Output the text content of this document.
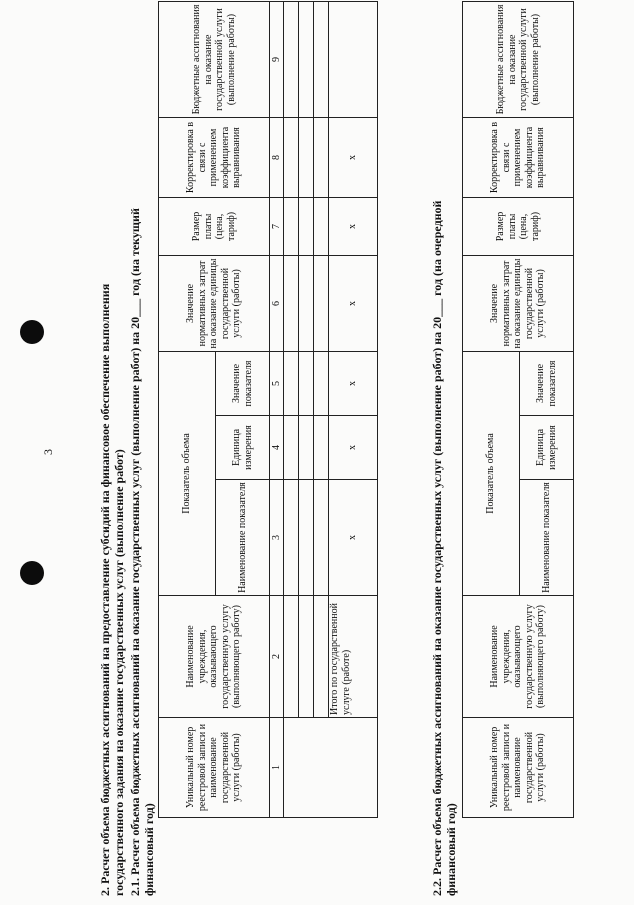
3	2. Расчет объема бюджетных ассигнований на предоставление субсидий на финансовое обеспечение выполнения государственного задания на оказание государственных услуг (выполнение работ) 2.1. Расчет объема бюджетных ассигнований на оказание государственных услуг (выполнение работ) на 20___ год (на текущий финансовый год)
Уникальный номер реестровой записи и наименование государственной услуги (работы)	Наименование учреждения, оказывающего государственную услугу (выполняющего работу)	Показатель объема			Значение нормативных затрат на оказание единицы государственной услуги (работы)	Размер платы (цена, тариф)	Корректировка в связи с применением коэффициента выравнивания	Бюджетные ассигнования на оказание государственной услуги (выполнение работы)
		Наименование показателя	Единица измерения	Значение показателя				
1	2	3	4	5	6	7	8	9

	Итого по государственной услуге (работе)	х	х	х	х	х	х	
2.2. Расчет объема бюджетных ассигнований на оказание государственных услуг (выполнение работ) на 20___ год (на очередной финансовый год)
Уникальный номер реестровой записи и наименование государственной услуги (работы)	Наименование учреждения, оказывающего государственную услугу (выполняющего работу)	Показатель объема			Значение нормативных затрат на оказание единицы государственной услуги (работы)	Размер платы (цена, тариф)	Корректировка в связи с применением коэффициента выравнивания	Бюджетные ассигнования на оказание государственной услуги (выполнение работы)
		Наименование показателя	Единица измерения	Значение показателя				
